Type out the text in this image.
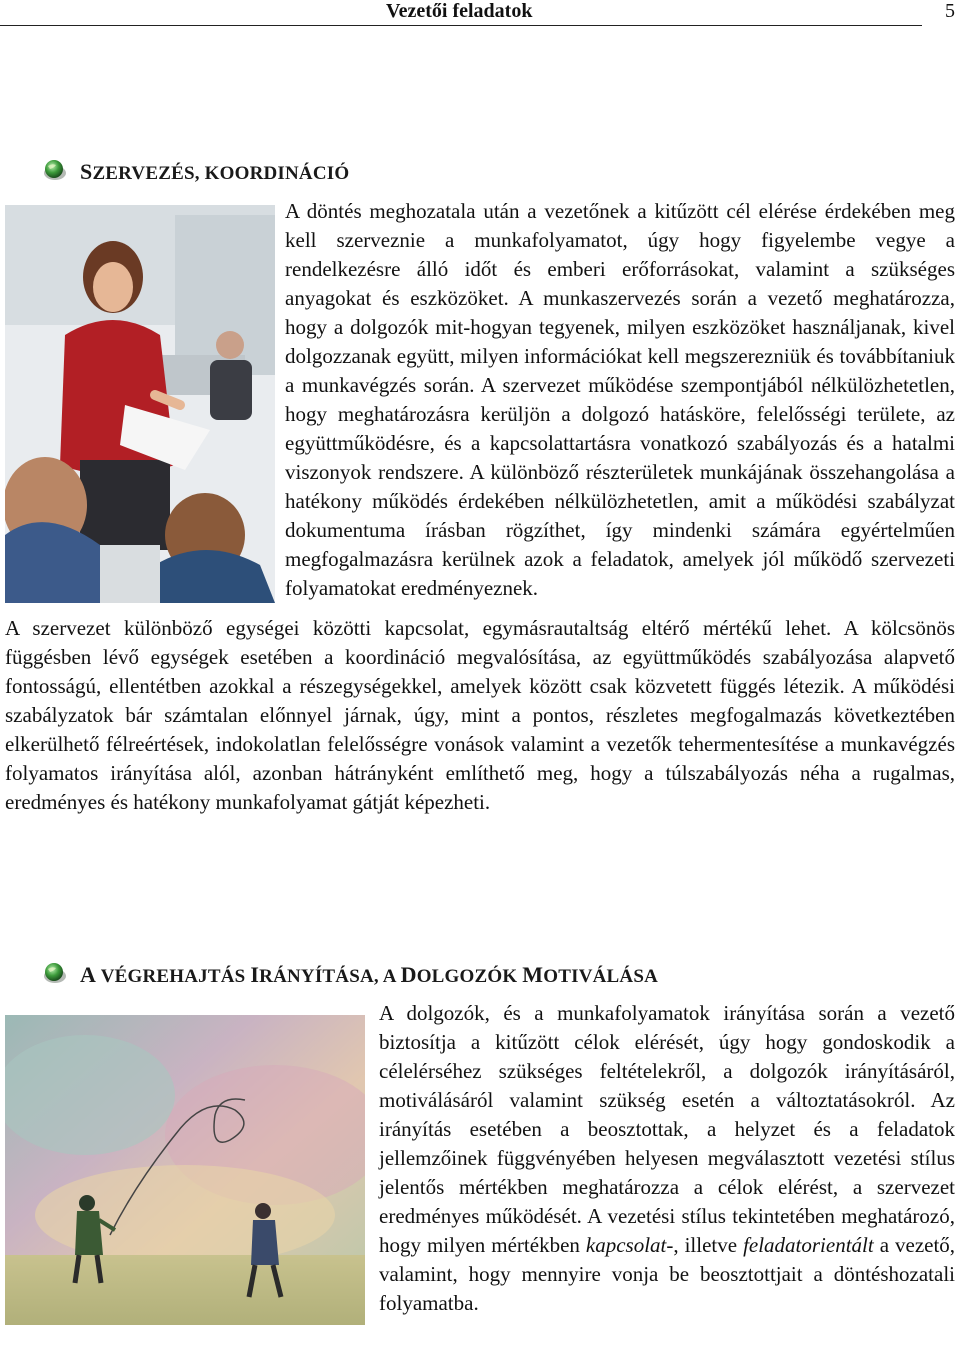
Vezetői feladatok	5
SZERVEZÉS, KOORDINÁCIÓ

A döntés meghozatala után a vezetőnek a kitűzött cél elérése érdekében meg kell szerveznie a munkafolyamatot, úgy hogy figyelembe vegye a rendelkezésre álló időt és emberi erőforrásokat, valamint a szükséges anyagokat és eszközöket. A munkaszervezés során a vezető meghatározza, hogy a dolgozók mit-hogyan tegyenek, milyen eszközöket használjanak, kivel dolgozzanak együtt, milyen információkat kell megszerezniük és továbbítaniuk a munkavégzés során. A szervezet működése szempontjából nélkülözhetetlen, hogy meghatározásra kerüljön a dolgozó hatásköre, felelősségi területe, az együttműködésre, és a kapcsolattartásra vonatkozó szabályozás és a hatalmi viszonyok rendszere. A különböző részterületek munkájának összehangolása a hatékony működés érdekében nélkülözhetetlen, amit a működési szabályzat dokumentuma írásban rögzíthet, így mindenki számára egyértelműen megfogalmazásra kerülnek azok a feladatok, amelyek jól működő szervezeti folyamatokat eredményeznek.

A szervezet különböző egységei közötti kapcsolat, egymásrautaltság eltérő mértékű lehet. A kölcsönös függésben lévő egységek esetében a koordináció megvalósítása, az együttműködés szabályozása alapvető fontosságú, ellentétben azokkal a részegységekkel, amelyek között csak közvetett függés létezik. A működési szabályzatok bár számtalan előnnyel járnak, úgy, mint a pontos, részletes megfogalmazás következtében elkerülhető félreértések, indokolatlan felelősségre vonások valamint a vezetők tehermentesítése a munkavégzés folyamatos irányítása alól, azonban hátrányként említhető meg, hogy a túlszabályozás néha a rugalmas, eredményes és hatékony munkafolyamat gátját képezheti.

A VÉGREHAJTÁS IRÁNYÍTÁSA, A DOLGOZÓK MOTIVÁLÁSA

A dolgozók, és a munkafolyamatok irányítása során a vezető biztosítja a kitűzött célok elérését, úgy hogy gondoskodik a célelérséhez szükséges feltételekről, a dolgozók irányításáról, motiválásáról valamint szükség esetén a változtatásokról. Az irányítás esetében a beosztottak, a helyzet és a feladatok jellemzőinek függvényében helyesen megválasztott vezetési stílus jelentős mértékben meghatározza a célok elérést, a szervezet eredményes működését. A vezetési stílus tekintetében meghatározó, hogy milyen mértékben kapcsolat-, illetve feladatorientált a vezető, valamint, hogy mennyire vonja be beosztottjait a döntéshozatali folyamatba.
